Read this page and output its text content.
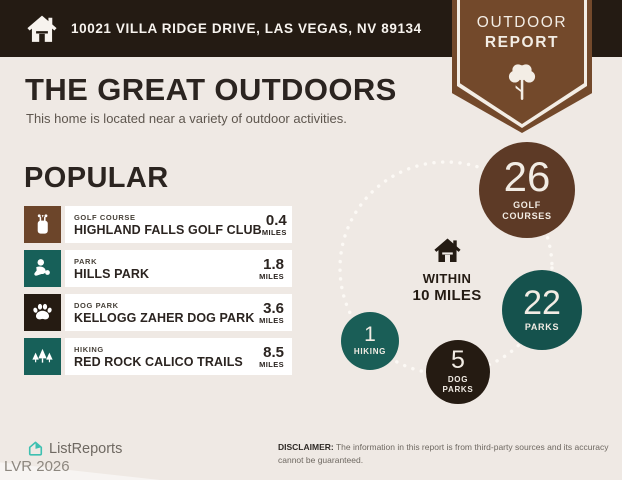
10021 VILLA RIDGE DRIVE, LAS VEGAS, NV 89134	OUTDOOR
REPORT
THE GREAT OUTDOORS
This home is located near a variety of outdoor activities.
POPULAR
GOLF COURSE
HIGHLAND FALLS GOLF CLUB
0.4
MILES
PARK
HILLS PARK
1.8
MILES
DOG PARK
KELLOGG ZAHER DOG PARK
3.6
MILES
HIKING
RED ROCK CALICO TRAILS
8.5
MILES
WITHIN
10 MILES
26
GOLF COURSES
22
PARKS
1
HIKING	5
DOG PARKS
ListReports
LVR 2026
DISCLAIMER: The information in this report is from third-party sources and its accuracy cannot be guaranteed.
